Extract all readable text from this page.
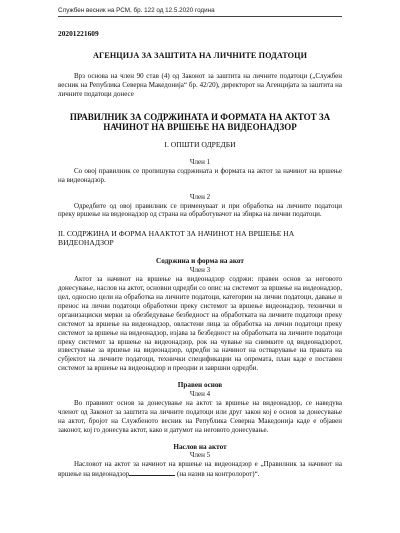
Службен весник на РСМ, бр. 122 од 12.5.2020 година
20201221609
АГЕНЦИЈА ЗА ЗАШТИТА НА ЛИЧНИТЕ ПОДАТОЦИ

Врз основа на член 90 став (4) од Законот за заштита на личните податоци („Службен весник на Република Северна Македонија“ бр. 42/20), директорот на Агенцијата за заштита на личните податоци донесе

ПРАВИЛНИК ЗА СОДРЖИНАТА И ФОРМАТА НА АКТОТ ЗА НАЧИНОТ НА ВРШЕЊЕ НА ВИДЕОНАДЗОР
I. ОПШТИ ОДРЕДБИ
Член 1

Со овој правилник се пропишува содржината и формата на актот за начинот на вршење на видеонадзор.

Член 2

Одредбите од овој правилник се применуваат и при обработка на личните податоци преку вршење на видеонадзор од страна на обработувачот на збирка на лични податоци.

II. СОДРЖИНА И ФОРМА НААКТОТ ЗА НАЧИНОТ НА ВРШЕЊЕ НА ВИДЕОНАДЗОР
Содржина и форма на акот
Член 3

Актот за начинот на вршење на видеонадзор содржи: правен основ за неговото донесување, наслов на актот, основни одредби со опис на системот за вршење на видеонадзор, цел, односно цели на обработка на личните податоци, категории на лични податоци, давање и пренос на лични податоци обработени преку системот за вршење видеонадзор, технички и организациски мерки за обезбедување безбедност на обработката на личните податоци преку системот за вршење на видеонадзор, овластени лица за обработка на лични податоци преку системот за вршење на видеонадзор, изјава за безбедност на обработката на личните податоци преку системот за вршење на видеонадзор, рок на чување на снимките од видеонадзорот, известување за вршење на видеонадзор, одредби за начинот на остварување на правата на субјектот на личните податоци, технички спецификации на опремата, план каде е поставен системот за вршење на видеонадзор и преодни и завршни одредби.

Правен основ
Член 4

Во правниот основ за донесување на актот за вршење на видеонадзор, се наведува членот од Законот за заштита на личните податоци или друг закон кој е основ за донесување на актот, бројот на Службеното весник на Република Северна Македонија каде е објавен законот, кој го донесува актот, како и датумот на неговото донесување.

Наслов на актот
Член 5

Насловот на актот за начинот на вршење на видеонадзор е „Правилник за начинот на вршење на видеонадзор	(на назив на контролорот)“.
